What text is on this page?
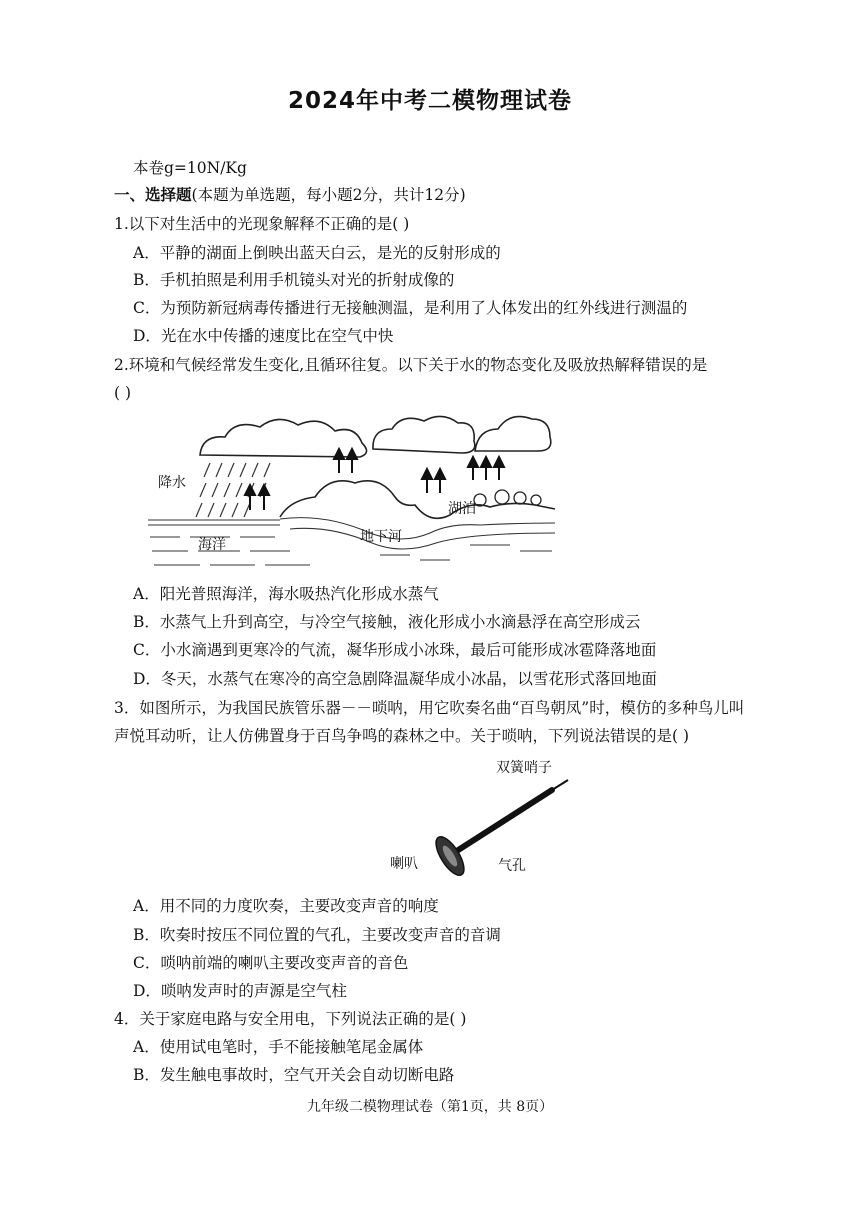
2024年中考二模物理试卷
本卷g=10N/Kg
一、选择题(本题为单选题，每小题2分，共计12分)
1.以下对生活中的光现象解释不正确的是( )
A．平静的湖面上倒映出蓝天白云，是光的反射形成的
B．手机拍照是利用手机镜头对光的折射成像的
C．为预防新冠病毒传播进行无接触测温，是利用了人体发出的红外线进行测温的
D．光在水中传播的速度比在空气中快
2.环境和气候经常发生变化,且循环往复。以下关于水的物态变化及吸放热解释错误的是
( )
降水
海洋
湖泊
地下河
A．阳光普照海洋，海水吸热汽化形成水蒸气
B．水蒸气上升到高空，与冷空气接触，液化形成小水滴悬浮在高空形成云
C．小水滴遇到更寒冷的气流，凝华形成小冰珠，最后可能形成冰雹降落地面
D．冬天，水蒸气在寒冷的高空急剧降温凝华成小冰晶，以雪花形式落回地面
3．如图所示，为我国民族管乐器－－唢呐，用它吹奏名曲“百鸟朝凤”时，模仿的多种鸟儿叫
声悦耳动听，让人仿佛置身于百鸟争鸣的森林之中。关于唢呐，下列说法错误的是( )
双簧哨子
喇叭	气孔
A．用不同的力度吹奏，主要改变声音的响度
B．吹奏时按压不同位置的气孔，主要改变声音的音调
C．唢呐前端的喇叭主要改变声音的音色
D．唢呐发声时的声源是空气柱
4．关于家庭电路与安全用电，下列说法正确的是( )
A．使用试电笔时，手不能接触笔尾金属体
B．发生触电事故时，空气开关会自动切断电路
九年级二模物理试卷（第1页，共 8页）
